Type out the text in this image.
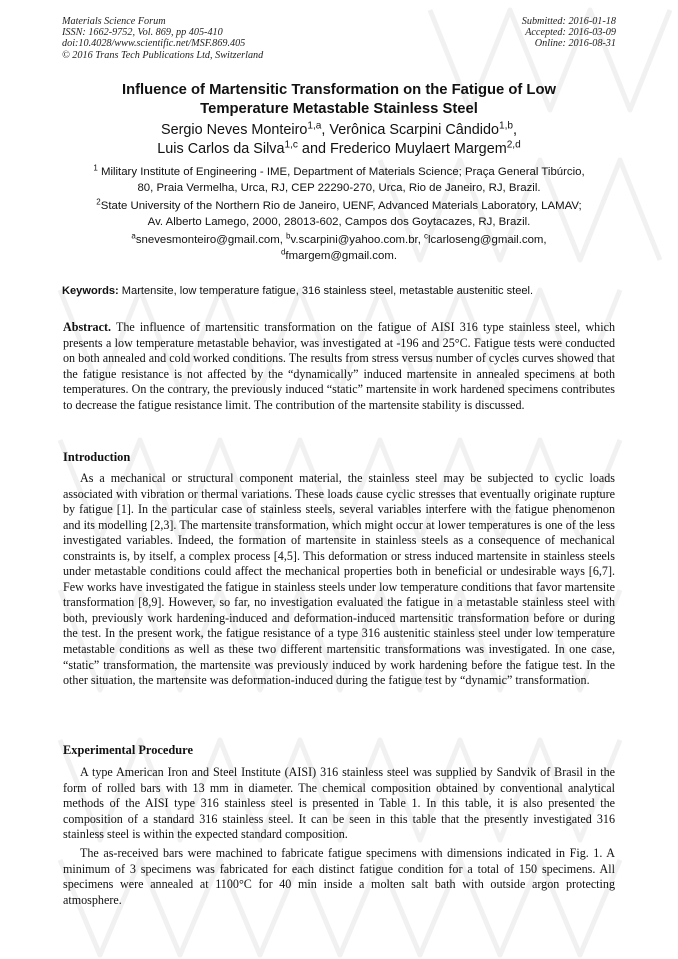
Materials Science Forum
ISSN: 1662-9752, Vol. 869, pp 405-410
doi:10.4028/www.scientific.net/MSF.869.405
© 2016 Trans Tech Publications Ltd, Switzerland
Submitted: 2016-01-18
Accepted: 2016-03-09
Online: 2016-08-31
Influence of Martensitic Transformation on the Fatigue of Low
Temperature Metastable Stainless Steel
Sergio Neves Monteiro$^{1,a}$, Verônica Scarpini Cândido$^{1,b}$,
Luis Carlos da Silva$^{1,c}$ and Frederico Muylaert Margem$^{2,d}$
$^1$ Military Institute of Engineering - IME, Department of Materials Science; Praça General Tibúrcio,
80, Praia Vermelha, Urca, RJ, CEP 22290-270, Urca, Rio de Janeiro, RJ, Brazil.
$^2$State University of the Northern Rio de Janeiro, UENF, Advanced Materials Laboratory, LAMAV;
Av. Alberto Lamego, 2000, 28013-602, Campos dos Goytacazes, RJ, Brazil.
$^a$snevesmonteiro@gmail.com, $^b$v.scarpini@yahoo.com.br, $^c$lcarloseng@gmail.com,
$^d$fmargem@gmail.com.
Keywords: Martensite, low temperature fatigue, 316 stainless steel, metastable austenitic steel.
Abstract. The influence of martensitic transformation on the fatigue of AISI 316 type stainless steel, which presents a low temperature metastable behavior, was investigated at -196 and 25°C. Fatigue tests were conducted on both annealed and cold worked conditions. The results from stress versus number of cycles curves showed that the fatigue resistance is not affected by the “dynamically” induced martensite in annealed specimens at both temperatures. On the contrary, the previously induced “static” martensite in work hardened specimens contributes to decrease the fatigue resistance limit. The contribution of the martensite stability is discussed.
Introduction
As a mechanical or structural component material, the stainless steel may be subjected to cyclic loads associated with vibration or thermal variations. These loads cause cyclic stresses that eventually originate rupture by fatigue [1]. In the particular case of stainless steels, several variables interfere with the fatigue phenomenon and its modelling [2,3]. The martensite transformation, which might occur at lower temperatures is one of the less investigated variables. Indeed, the formation of martensite in stainless steels as a consequence of mechanical constraints is, by itself, a complex process [4,5]. This deformation or stress induced martensite in stainless steels under metastable conditions could affect the mechanical properties both in beneficial or undesirable ways [6,7]. Few works have investigated the fatigue in stainless steels under low temperature conditions that favor martensite transformation [8,9]. However, so far, no investigation evaluated the fatigue in a metastable stainless steel with both, previously work hardening-induced and deformation-induced martensitic transformation before or during the test. In the present work, the fatigue resistance of a type 316 austenitic stainless steel under low temperature metastable conditions as well as these two different martensitic transformations was investigated. In one case, “static” transformation, the martensite was previously induced by work hardening before the fatigue test. In the other situation, the martensite was deformation-induced during the fatigue test by “dynamic” transformation.
Experimental Procedure
A type American Iron and Steel Institute (AISI) 316 stainless steel was supplied by Sandvik of Brasil in the form of rolled bars with 13 mm in diameter. The chemical composition obtained by conventional analytical methods of the AISI type 316 stainless steel is presented in Table 1. In this table, it is also presented the composition of a standard 316 stainless steel. It can be seen in this table that the presently investigated 316 stainless steel is within the expected standard composition.
The as-received bars were machined to fabricate fatigue specimens with dimensions indicated in Fig. 1. A minimum of 3 specimens was fabricated for each distinct fatigue condition for a total of 150 specimens. All specimens were annealed at 1100°C for 40 min inside a molten salt bath with outside argon protecting atmosphere.
